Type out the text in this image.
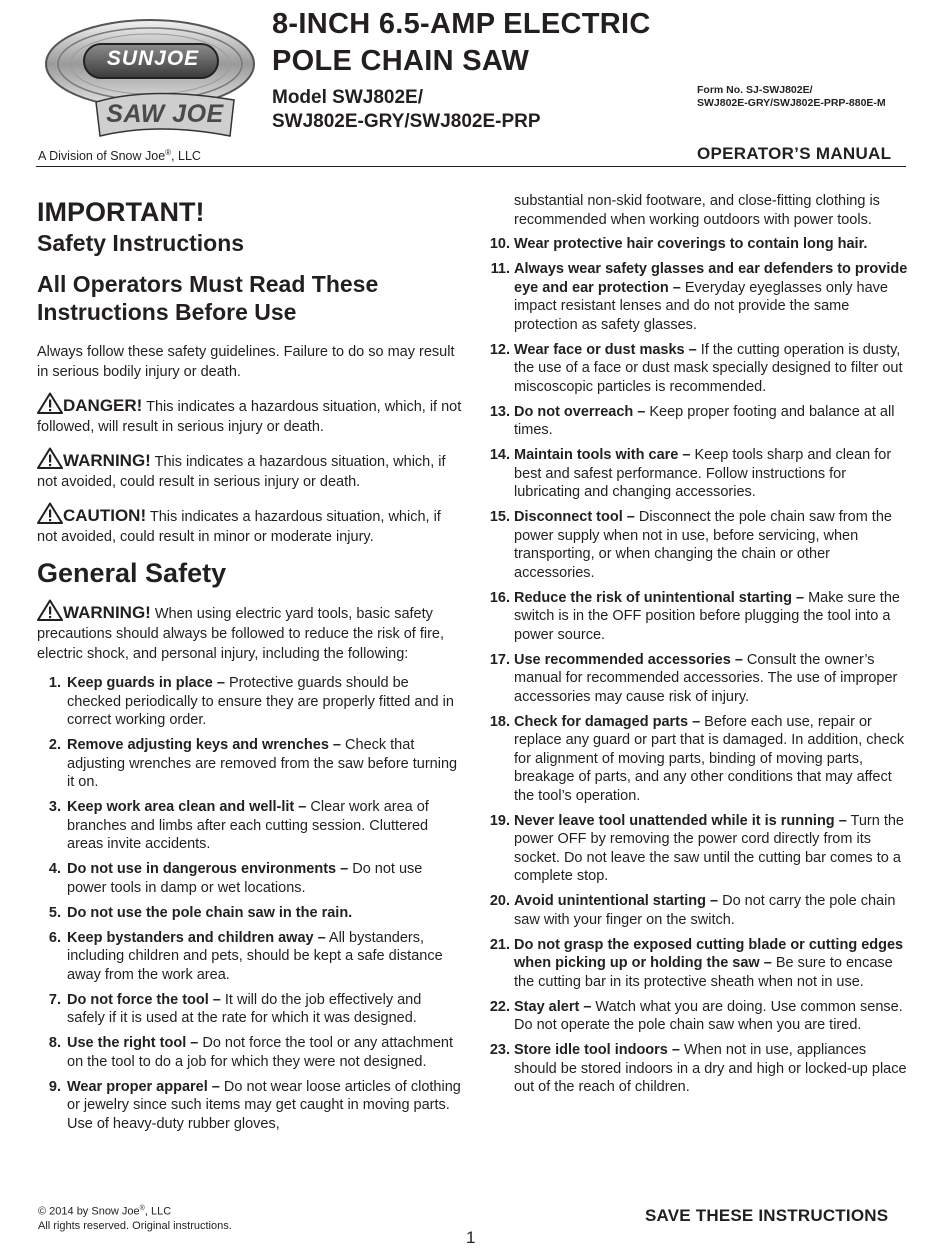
SUNJOE
SAW JOE
8-INCH 6.5-AMP ELECTRIC
POLE CHAIN SAW
Model SWJ802E/
SWJ802E-GRY/SWJ802E-PRP
Form No. SJ-SWJ802E/
SWJ802E-GRY/SWJ802E-PRP-880E-M
A Division of Snow Joe®, LLC	OPERATOR’S MANUAL
IMPORTANT!
Safety Instructions
All Operators Must Read These
Instructions Before Use

Always follow these safety guidelines. Failure to do so may result in serious bodily injury or death.

DANGER! This indicates a hazardous situation, which, if not followed, will result in serious injury or death.

WARNING! This indicates a hazardous situation, which, if not avoided, could result in serious injury or death.

CAUTION! This indicates a hazardous situation, which, if not avoided, could result in minor or moderate injury.

General Safety

WARNING! When using electric yard tools, basic safety precautions should always be followed to reduce the risk of fire, electric shock, and personal injury, including the following:

1. Keep guards in place – Protective guards should be checked periodically to ensure they are properly fitted and in correct working order.
2. Remove adjusting keys and wrenches – Check that adjusting wrenches are removed from the saw before turning it on.
3. Keep work area clean and well-lit – Clear work area of branches and limbs after each cutting session. Cluttered areas invite accidents.
4. Do not use in dangerous environments – Do not use power tools in damp or wet locations.
5. Do not use the pole chain saw in the rain.
6. Keep bystanders and children away – All bystanders, including children and pets, should be kept a safe distance away from the work area.
7. Do not force the tool – It will do the job effectively and safely if it is used at the rate for which it was designed.
8. Use the right tool – Do not force the tool or any attachment on the tool to do a job for which they were not designed.
9. Wear proper apparel – Do not wear loose articles of clothing or jewelry since such items may get caught in moving parts. Use of heavy-duty rubber gloves,

substantial non-skid footware, and close-fitting clothing is recommended when working outdoors with power tools.

10. Wear protective hair coverings to contain long hair.
11. Always wear safety glasses and ear defenders to provide eye and ear protection – Everyday eyeglasses only have impact resistant lenses and do not provide the same protection as safety glasses.
12. Wear face or dust masks – If the cutting operation is dusty, the use of a face or dust mask specially designed to filter out miscoscopic particles is recommended.
13. Do not overreach – Keep proper footing and balance at all times.
14. Maintain tools with care – Keep tools sharp and clean for best and safest performance. Follow instructions for lubricating and changing accessories.
15. Disconnect tool – Disconnect the pole chain saw from the power supply when not in use, before servicing, when transporting, or when changing the chain or other accessories.
16. Reduce the risk of unintentional starting – Make sure the switch is in the OFF position before plugging the tool into a power source.
17. Use recommended accessories – Consult the owner’s manual for recommended accessories. The use of improper accessories may cause risk of injury.
18. Check for damaged parts – Before each use, repair or replace any guard or part that is damaged. In addition, check for alignment of moving parts, binding of moving parts, breakage of parts, and any other conditions that may affect the tool’s operation.
19. Never leave tool unattended while it is running – Turn the power OFF by removing the power cord directly from its socket. Do not leave the saw until the cutting bar comes to a complete stop.
20. Avoid unintentional starting – Do not carry the pole chain saw with your finger on the switch.
21. Do not grasp the exposed cutting blade or cutting edges when picking up or holding the saw – Be sure to encase the cutting bar in its protective sheath when not in use.
22. Stay alert – Watch what you are doing. Use common sense. Do not operate the pole chain saw when you are tired.
23. Store idle tool indoors – When not in use, appliances should be stored indoors in a dry and high or locked-up place out of the reach of children.
© 2014 by Snow Joe®, LLC
All rights reserved. Original instructions.
SAVE THESE INSTRUCTIONS
1
